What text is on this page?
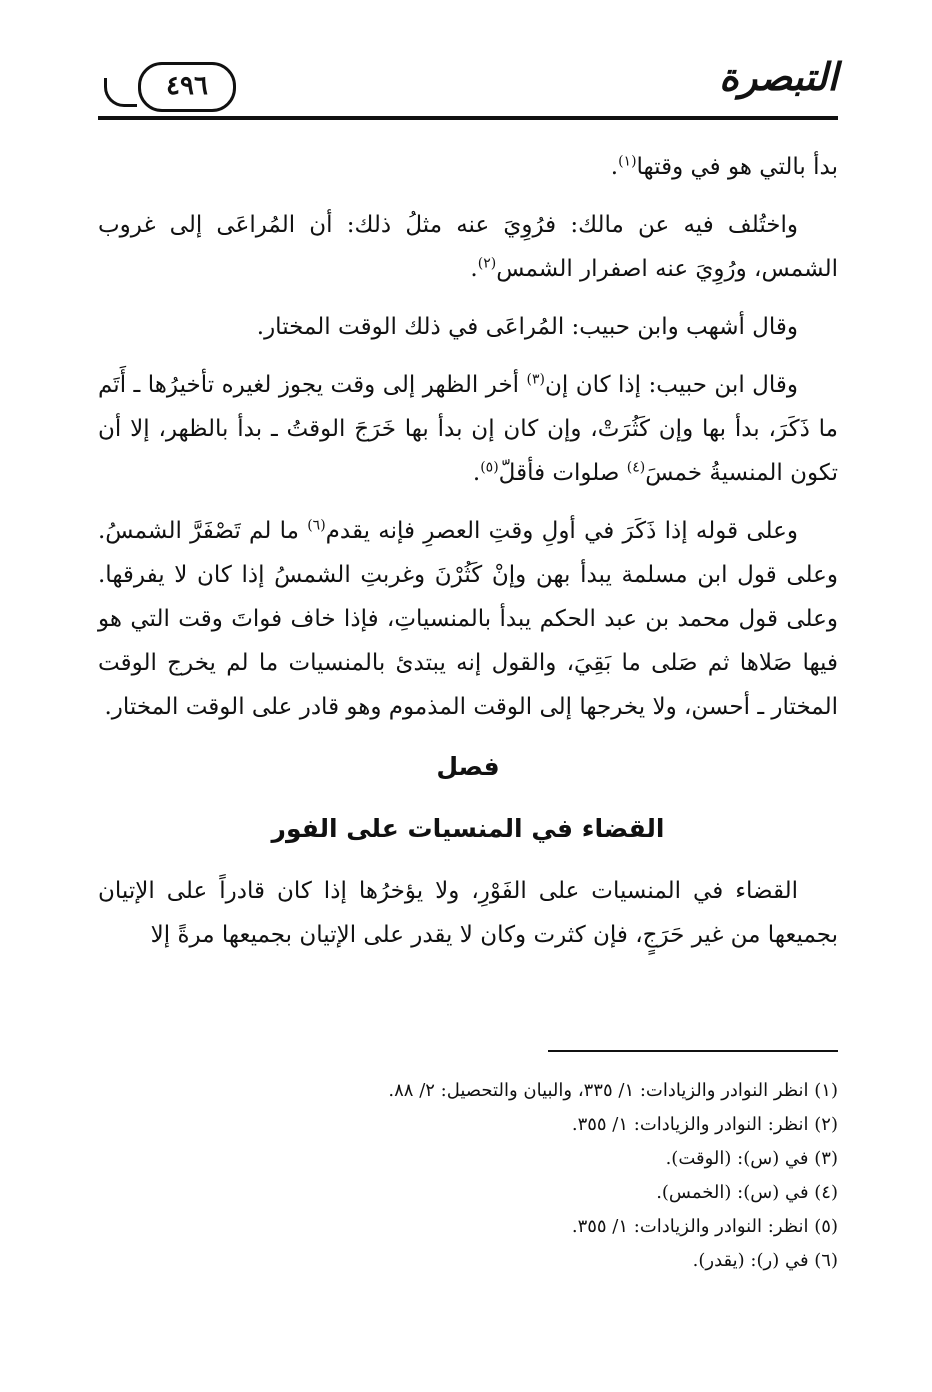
التبصرة
٤٩٦

بدأ بالتي هو في وقتها$^{(١)}$.

واختُلف فيه عن مالك: فرُوِيَ عنه مثلُ ذلك: أن المُراعَى إلى غروب الشمس، ورُوِيَ عنه اصفرار الشمس$^{(٢)}$.

وقال أشهب وابن حبيب: المُراعَى في ذلك الوقت المختار.

وقال ابن حبيب: إذا كان إن$^{(٣)}$ أخر الظهر إلى وقت يجوز لغيره تأخيرُها ـ أَتَم ما ذَكَرَ، بدأ بها وإن كَثُرَتْ، وإن كان إن بدأ بها خَرَجَ الوقتُ ـ بدأ بالظهر، إلا أن تكون المنسيةُ خمسَ$^{(٤)}$ صلوات فأقلّ$^{(٥)}$.

وعلى قوله إذا ذَكَرَ في أولِ وقتِ العصرِ فإنه يقدم$^{(٦)}$ ما لم تَصْفَرَّ الشمسُ. وعلى قول ابن مسلمة يبدأ بهن وإنْ كَثُرْنَ وغربتِ الشمسُ إذا كان لا يفرقها. وعلى قول محمد بن عبد الحكم يبدأ بالمنسياتِ، فإذا خاف فواتَ وقت التي هو فيها صَلاها ثم صَلى ما بَقِيَ، والقول إنه يبتدئ بالمنسيات ما لم يخرج الوقت المختار ـ أحسن، ولا يخرجها إلى الوقت المذموم وهو قادر على الوقت المختار.

فصل
القضاء في المنسيات على الفور

القضاء في المنسيات على الفَوْرِ، ولا يؤخرُها إذا كان قادراً على الإتيان بجميعها من غير حَرَجٍ، فإن كثرت وكان لا يقدر على الإتيان بجميعها مرةً إلا

(١) انظر النوادر والزيادات: ١/ ٣٣٥، والبيان والتحصيل: ٢/ ٨٨.
(٢) انظر: النوادر والزيادات: ١/ ٣٥٥.
(٣) في (س): (الوقت).
(٤) في (س): (الخمس).
(٥) انظر: النوادر والزيادات: ١/ ٣٥٥.
(٦) في (ر): (يقدر).
